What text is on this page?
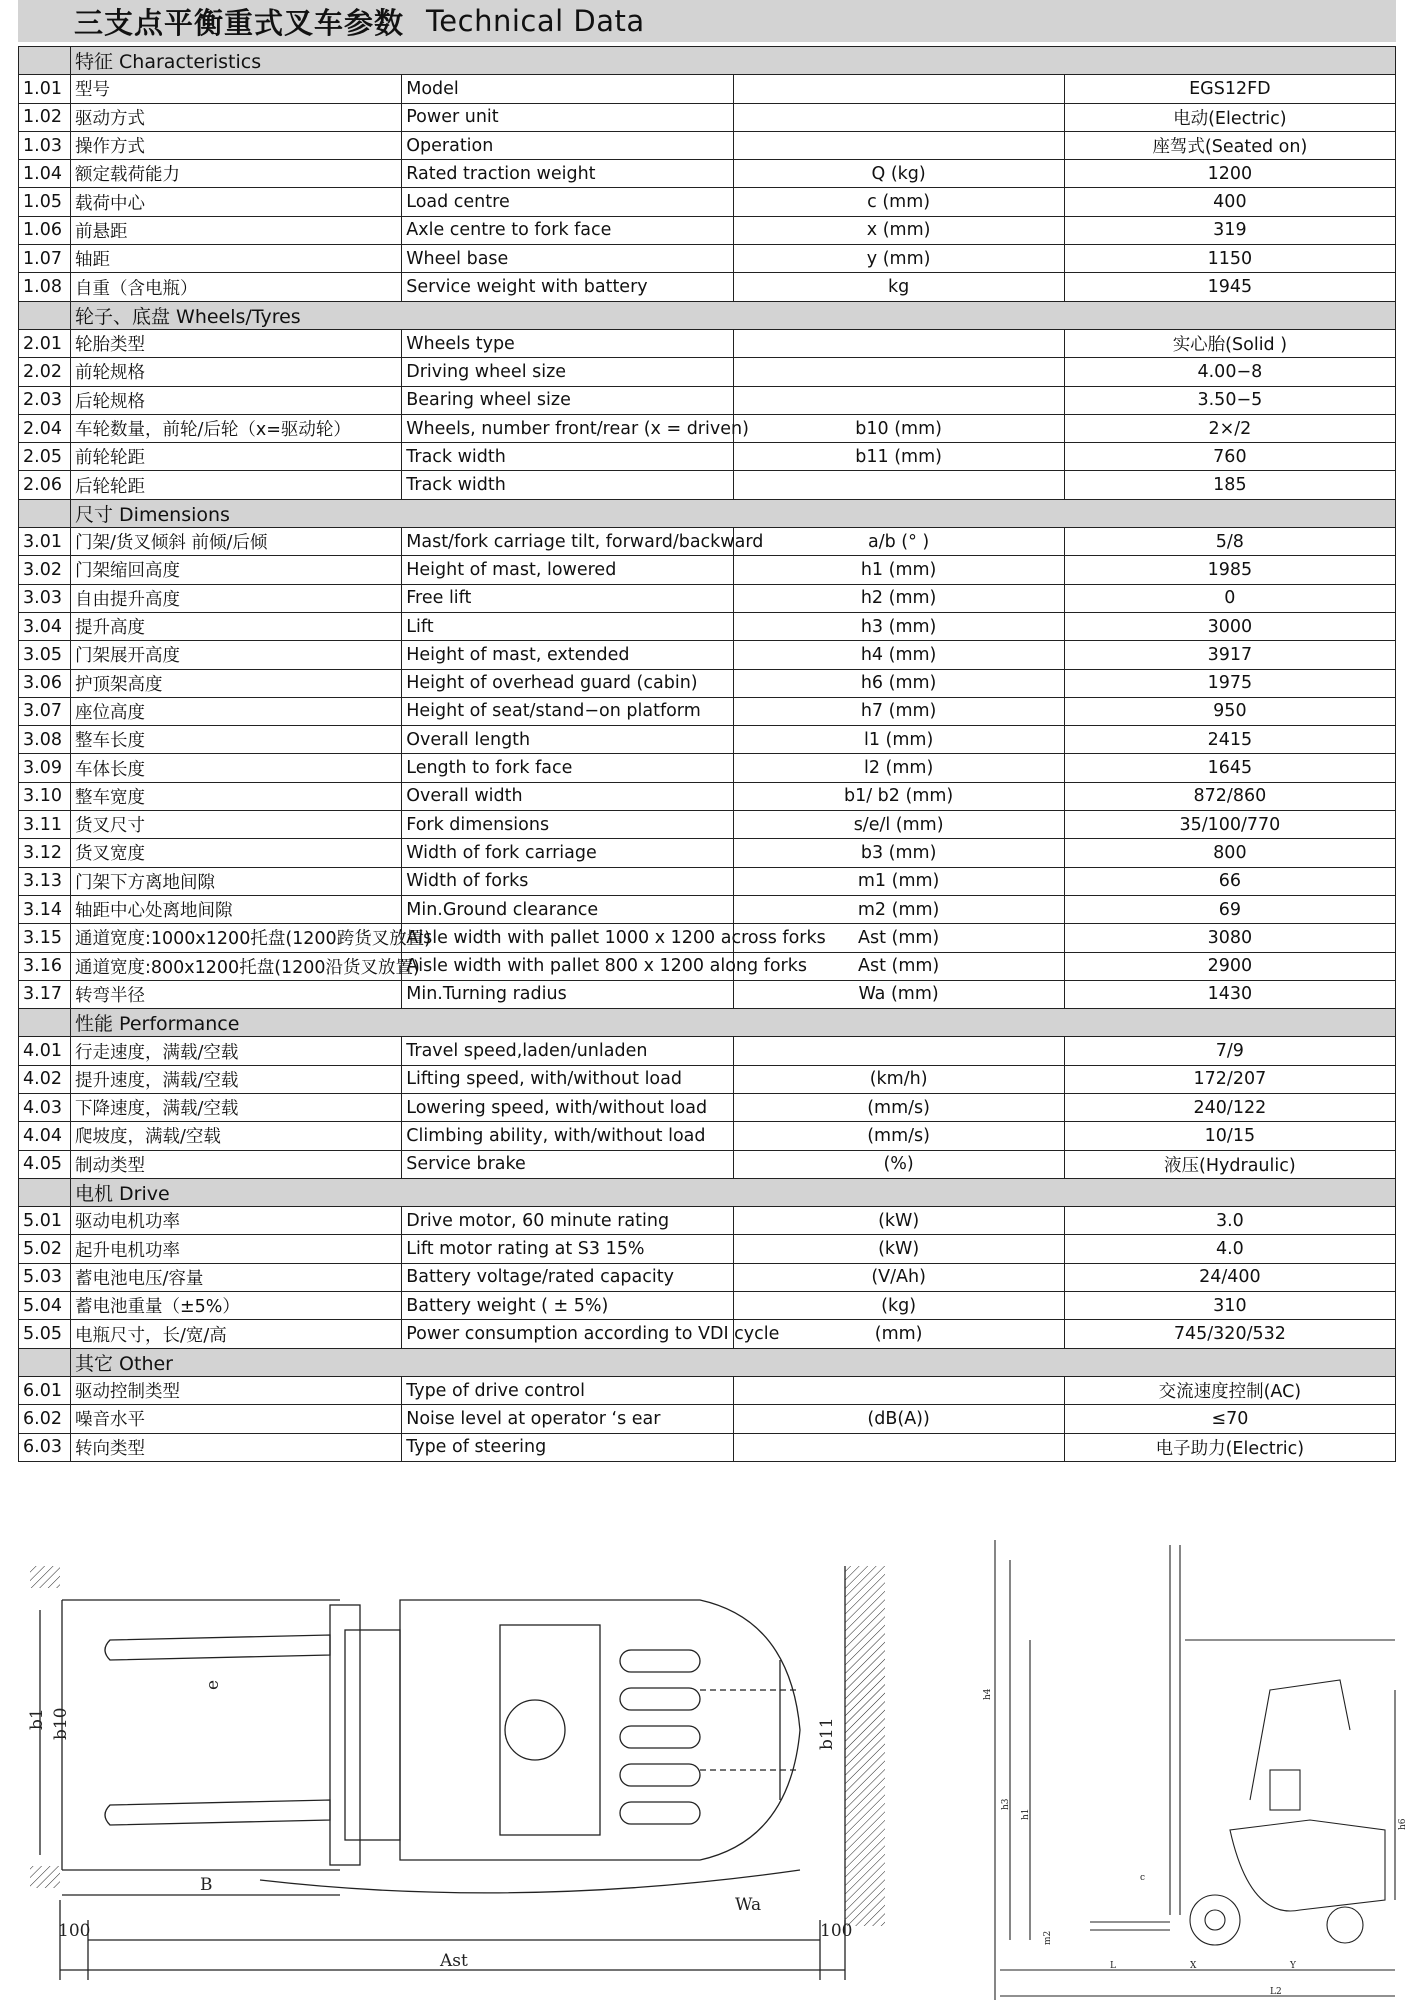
三支点平衡重式叉车参数 Technical Data
	特征 Characteristics			
1.01	型号	Model		EGS12FD
1.02	驱动方式	Power unit		电动(Electric)
1.03	操作方式	Operation		座驾式(Seated on)
1.04	额定载荷能力	Rated traction weight	Q (kg)	1200
1.05	载荷中心	Load centre	c (mm)	400
1.06	前悬距	Axle centre to fork face	x (mm)	319
1.07	轴距	Wheel base	y (mm)	1150
1.08	自重（含电瓶）	Service weight with battery	kg	1945
	轮子、底盘 Wheels/Tyres			
2.01	轮胎类型	Wheels type		实心胎(Solid )
2.02	前轮规格	Driving wheel size		4.00−8
2.03	后轮规格	Bearing wheel size		3.50−5
2.04	车轮数量，前轮/后轮（x=驱动轮）	Wheels, number front/rear (x = driven)	b10 (mm)	2×/2
2.05	前轮轮距	Track width	b11 (mm)	760
2.06	后轮轮距	Track width		185
	尺寸 Dimensions			
3.01	门架/货叉倾斜 前倾/后倾	Mast/fork carriage tilt, forward/backward	a/b (° )	5/8
3.02	门架缩回高度	Height of mast, lowered	h1 (mm)	1985
3.03	自由提升高度	Free lift	h2 (mm)	0
3.04	提升高度	Lift	h3 (mm)	3000
3.05	门架展开高度	Height of mast, extended	h4 (mm)	3917
3.06	护顶架高度	Height of overhead guard (cabin)	h6 (mm)	1975
3.07	座位高度	Height of seat/stand−on platform	h7 (mm)	950
3.08	整车长度	Overall length	l1 (mm)	2415
3.09	车体长度	Length to fork face	l2 (mm)	1645
3.10	整车宽度	Overall width	b1/ b2 (mm)	872/860
3.11	货叉尺寸	Fork dimensions	s/e/l (mm)	35/100/770
3.12	货叉宽度	Width of fork carriage	b3 (mm)	800
3.13	门架下方离地间隙	Width of forks	m1 (mm)	66
3.14	轴距中心处离地间隙	Min.Ground clearance	m2 (mm)	69
3.15	通道宽度:1000x1200托盘(1200跨货叉放置)	Aisle width with pallet 1000 x 1200 across forks	Ast (mm)	3080
3.16	通道宽度:800x1200托盘(1200沿货叉放置)	Aisle width with pallet 800 x 1200 along forks	Ast (mm)	2900
3.17	转弯半径	Min.Turning radius	Wa (mm)	1430
	性能 Performance			
4.01	行走速度，满载/空载	Travel speed,laden/unladen		7/9
4.02	提升速度，满载/空载	Lifting speed, with/without load	(km/h)	172/207
4.03	下降速度，满载/空载	Lowering speed, with/without load	(mm/s)	240/122
4.04	爬坡度，满载/空载	Climbing ability, with/without load	(mm/s)	10/15
4.05	制动类型	Service brake	(%)	液压(Hydraulic)
	电机 Drive			
5.01	驱动电机功率	Drive motor, 60 minute rating	(kW)	3.0
5.02	起升电机功率	Lift motor rating at S3 15%	(kW)	4.0
5.03	蓄电池电压/容量	Battery voltage/rated capacity	(V/Ah)	24/400
5.04	蓄电池重量（±5%）	Battery weight ( ± 5%)	(kg)	310
5.05	电瓶尺寸，长/宽/高	Power consumption according to VDI cycle	(mm)	745/320/532
	其它 Other			
6.01	驱动控制类型	Type of drive control		交流速度控制(AC)
6.02	噪音水平	Noise level at operator ‘s ear	(dB(A))	≤70
6.03	转向类型	Type of steering		电子助力(Electric)
b1 b10
e
b11
B
Wa
100	100
Ast
h4
h3
h1
h6
c
m2
L	X	Y
L2
